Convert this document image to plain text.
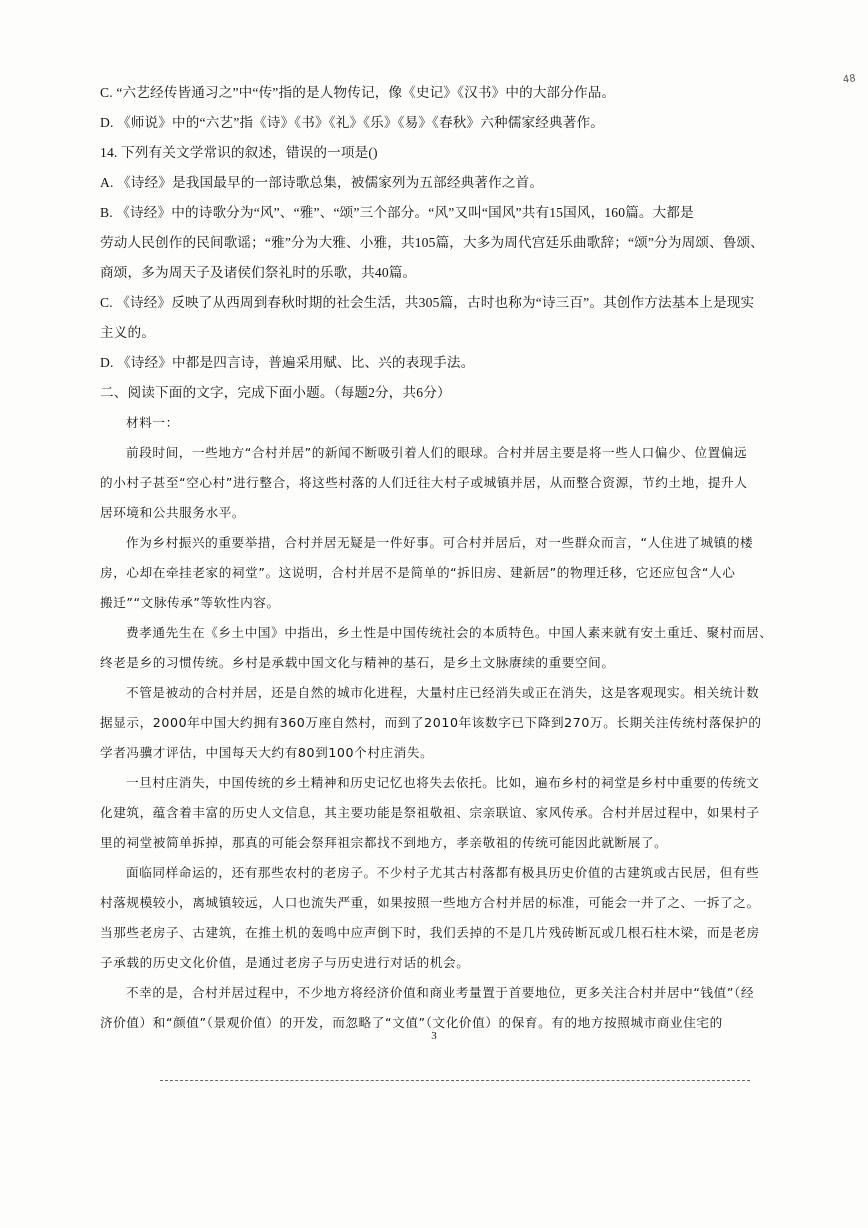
48
C. “六艺经传皆通习之”中“传”指的是人物传记，像《史记》《汉书》中的大部分作品。
D. 《师说》中的“六艺”指《诗》《书》《礼》《乐》《易》《春秋》六种儒家经典著作。
14. 下列有关文学常识的叙述，错误的一项是()
A. 《诗经》是我国最早的一部诗歌总集，被儒家列为五部经典著作之首。
B. 《诗经》中的诗歌分为“风”、“雅”、“颂”三个部分。“风”又叫“国风”共有15国风，160篇。大都是
劳动人民创作的民间歌谣；“雅”分为大雅、小雅，共105篇，大多为周代宫廷乐曲歌辞；“颂”分为周颂、鲁颂、
商颂，多为周天子及诸侯们祭礼时的乐歌，共40篇。
C. 《诗经》反映了从西周到春秋时期的社会生活，共305篇，古时也称为“诗三百”。其创作方法基本上是现实
主义的。
D. 《诗经》中都是四言诗，普遍采用赋、比、兴的表现手法。
二、阅读下面的文字，完成下面小题。（每题2分，共6分）
材料一：
前段时间，一些地方“合村并居”的新闻不断吸引着人们的眼球。合村并居主要是将一些人口偏少、位置偏远
的小村子甚至“空心村”进行整合，将这些村落的人们迁往大村子或城镇并居，从而整合资源，节约土地，提升人
居环境和公共服务水平。
作为乡村振兴的重要举措，合村并居无疑是一件好事。可合村并居后，对一些群众而言，“人住进了城镇的楼
房，心却在牵挂老家的祠堂”。这说明，合村并居不是简单的“拆旧房、建新居”的物理迁移，它还应包含“人心
搬迁”“文脉传承”等软性内容。
费孝通先生在《乡土中国》中指出，乡土性是中国传统社会的本质特色。中国人素来就有安土重迁、聚村而居、
终老是乡的习惯传统。乡村是承载中国文化与精神的基石，是乡土文脉赓续的重要空间。
不管是被动的合村并居，还是自然的城市化进程，大量村庄已经消失或正在消失，这是客观现实。相关统计数
据显示，2000年中国大约拥有360万座自然村，而到了2010年该数字已下降到270万。长期关注传统村落保护的
学者冯骥才评估，中国每天大约有80到100个村庄消失。
一旦村庄消失，中国传统的乡土精神和历史记忆也将失去依托。比如，遍布乡村的祠堂是乡村中重要的传统文
化建筑，蕴含着丰富的历史人文信息，其主要功能是祭祖敬祖、宗亲联谊、家风传承。合村并居过程中，如果村子
里的祠堂被简单拆掉，那真的可能会祭拜祖宗都找不到地方，孝亲敬祖的传统可能因此就断展了。
面临同样命运的，还有那些农村的老房子。不少村子尤其古村落都有极具历史价值的古建筑或古民居，但有些
村落规模较小，离城镇较远，人口也流失严重，如果按照一些地方合村并居的标准，可能会一并了之、一拆了之。
当那些老房子、古建筑，在推土机的轰鸣中应声倒下时，我们丢掉的不是几片残砖断瓦或几根石柱木梁，而是老房
子承载的历史文化价值，是通过老房子与历史进行对话的机会。
不幸的是，合村并居过程中，不少地方将经济价值和商业考量置于首要地位，更多关注合村并居中“钱值”（经
济价值）和“颜值”（景观价值）的开发，而忽略了“文值”（文化价值）的保育。有的地方按照城市商业住宅的
3
